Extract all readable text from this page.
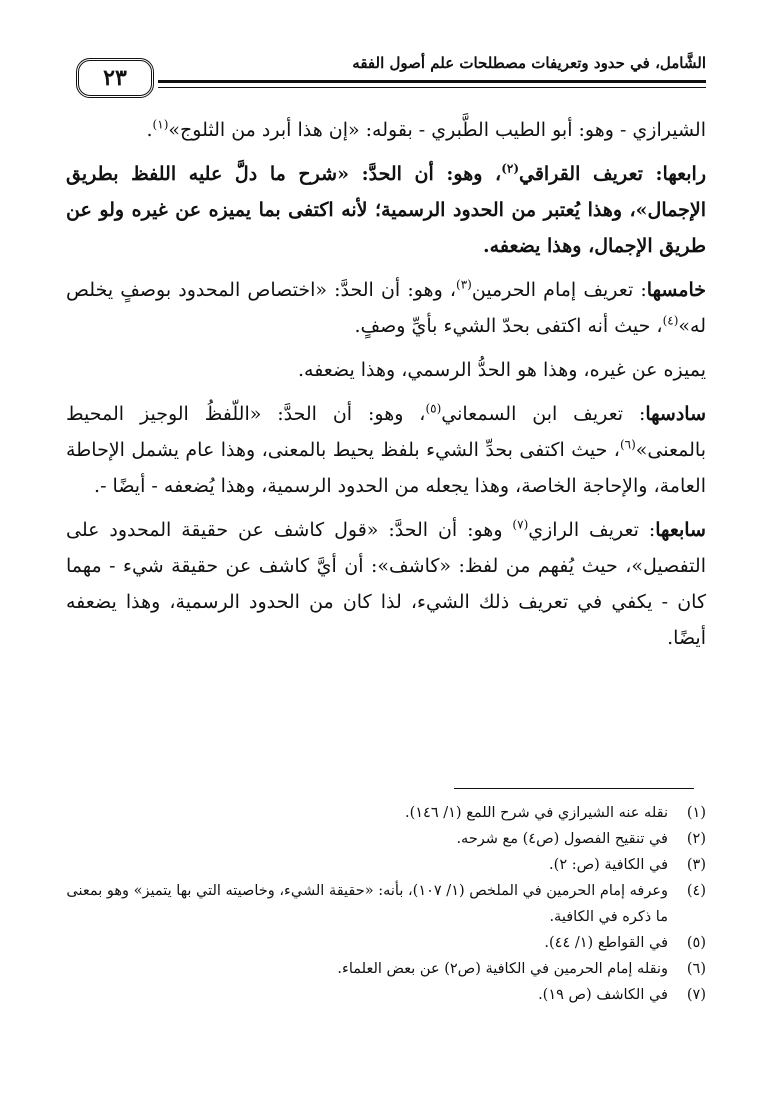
الشَّامل، في حدود وتعريفات مصطلحات علم أصول الفقه
٢٣

الشيرازي - وهو: أبو الطيب الطَّبري - بقوله: «إن هذا أبرد من الثلوج»$^{(١)}$.

رابعها: تعريف القراقي$^{(٢)}$، وهو: أن الحدَّ: «شرح ما دلَّ عليه اللفظ بطريق الإجمال»، وهذا يُعتبر من الحدود الرسمية؛ لأنه اكتفى بما يميزه عن غيره ولو عن طريق الإجمال، وهذا يضعفه.

خامسها: تعريف إمام الحرمين$^{(٣)}$، وهو: أن الحدَّ: «اختصاص المحدود بوصفٍ يخلص له»$^{(٤)}$، حيث أنه اكتفى بحدّ الشيء بأيِّ وصفٍ.

يميزه عن غيره، وهذا هو الحدُّ الرسمي، وهذا يضعفه.

سادسها: تعريف ابن السمعاني$^{(٥)}$، وهو: أن الحدَّ: «اللّفظُ الوجيز المحيط بالمعنى»$^{(٦)}$، حيث اكتفى بحدِّ الشيء بلفظ يحيط بالمعنى، وهذا عام يشمل الإحاطة العامة، والإحاجة الخاصة، وهذا يجعله من الحدود الرسمية، وهذا يُضعفه - أيضًا -.

سابعها: تعريف الرازي$^{(٧)}$ وهو: أن الحدَّ: «قول كاشف عن حقيقة المحدود على التفصيل»، حيث يُفهم من لفظ: «كاشف»: أن أيَّ كاشف عن حقيقة شيء - مهما كان - يكفي في تعريف ذلك الشيء، لذا كان من الحدود الرسمية، وهذا يضعفه أيضًا.

(١)
نقله عنه الشيرازي في شرح اللمع (١/ ١٤٦).
(٢)
في تنقيح الفصول (ص٤) مع شرحه.
(٣)
في الكافية (ص: ٢).
(٤)
وعرفه إمام الحرمين في الملخص (١/ ١٠٧)، بأنه: «حقيقة الشيء، وخاصيته التي بها يتميز» وهو بمعنى ما ذكره في الكافية.
(٥)
في القواطع (١/ ٤٤).
(٦)
ونقله إمام الحرمين في الكافية (ص٢) عن بعض العلماء.
(٧)
في الكاشف (ص ١٩).
